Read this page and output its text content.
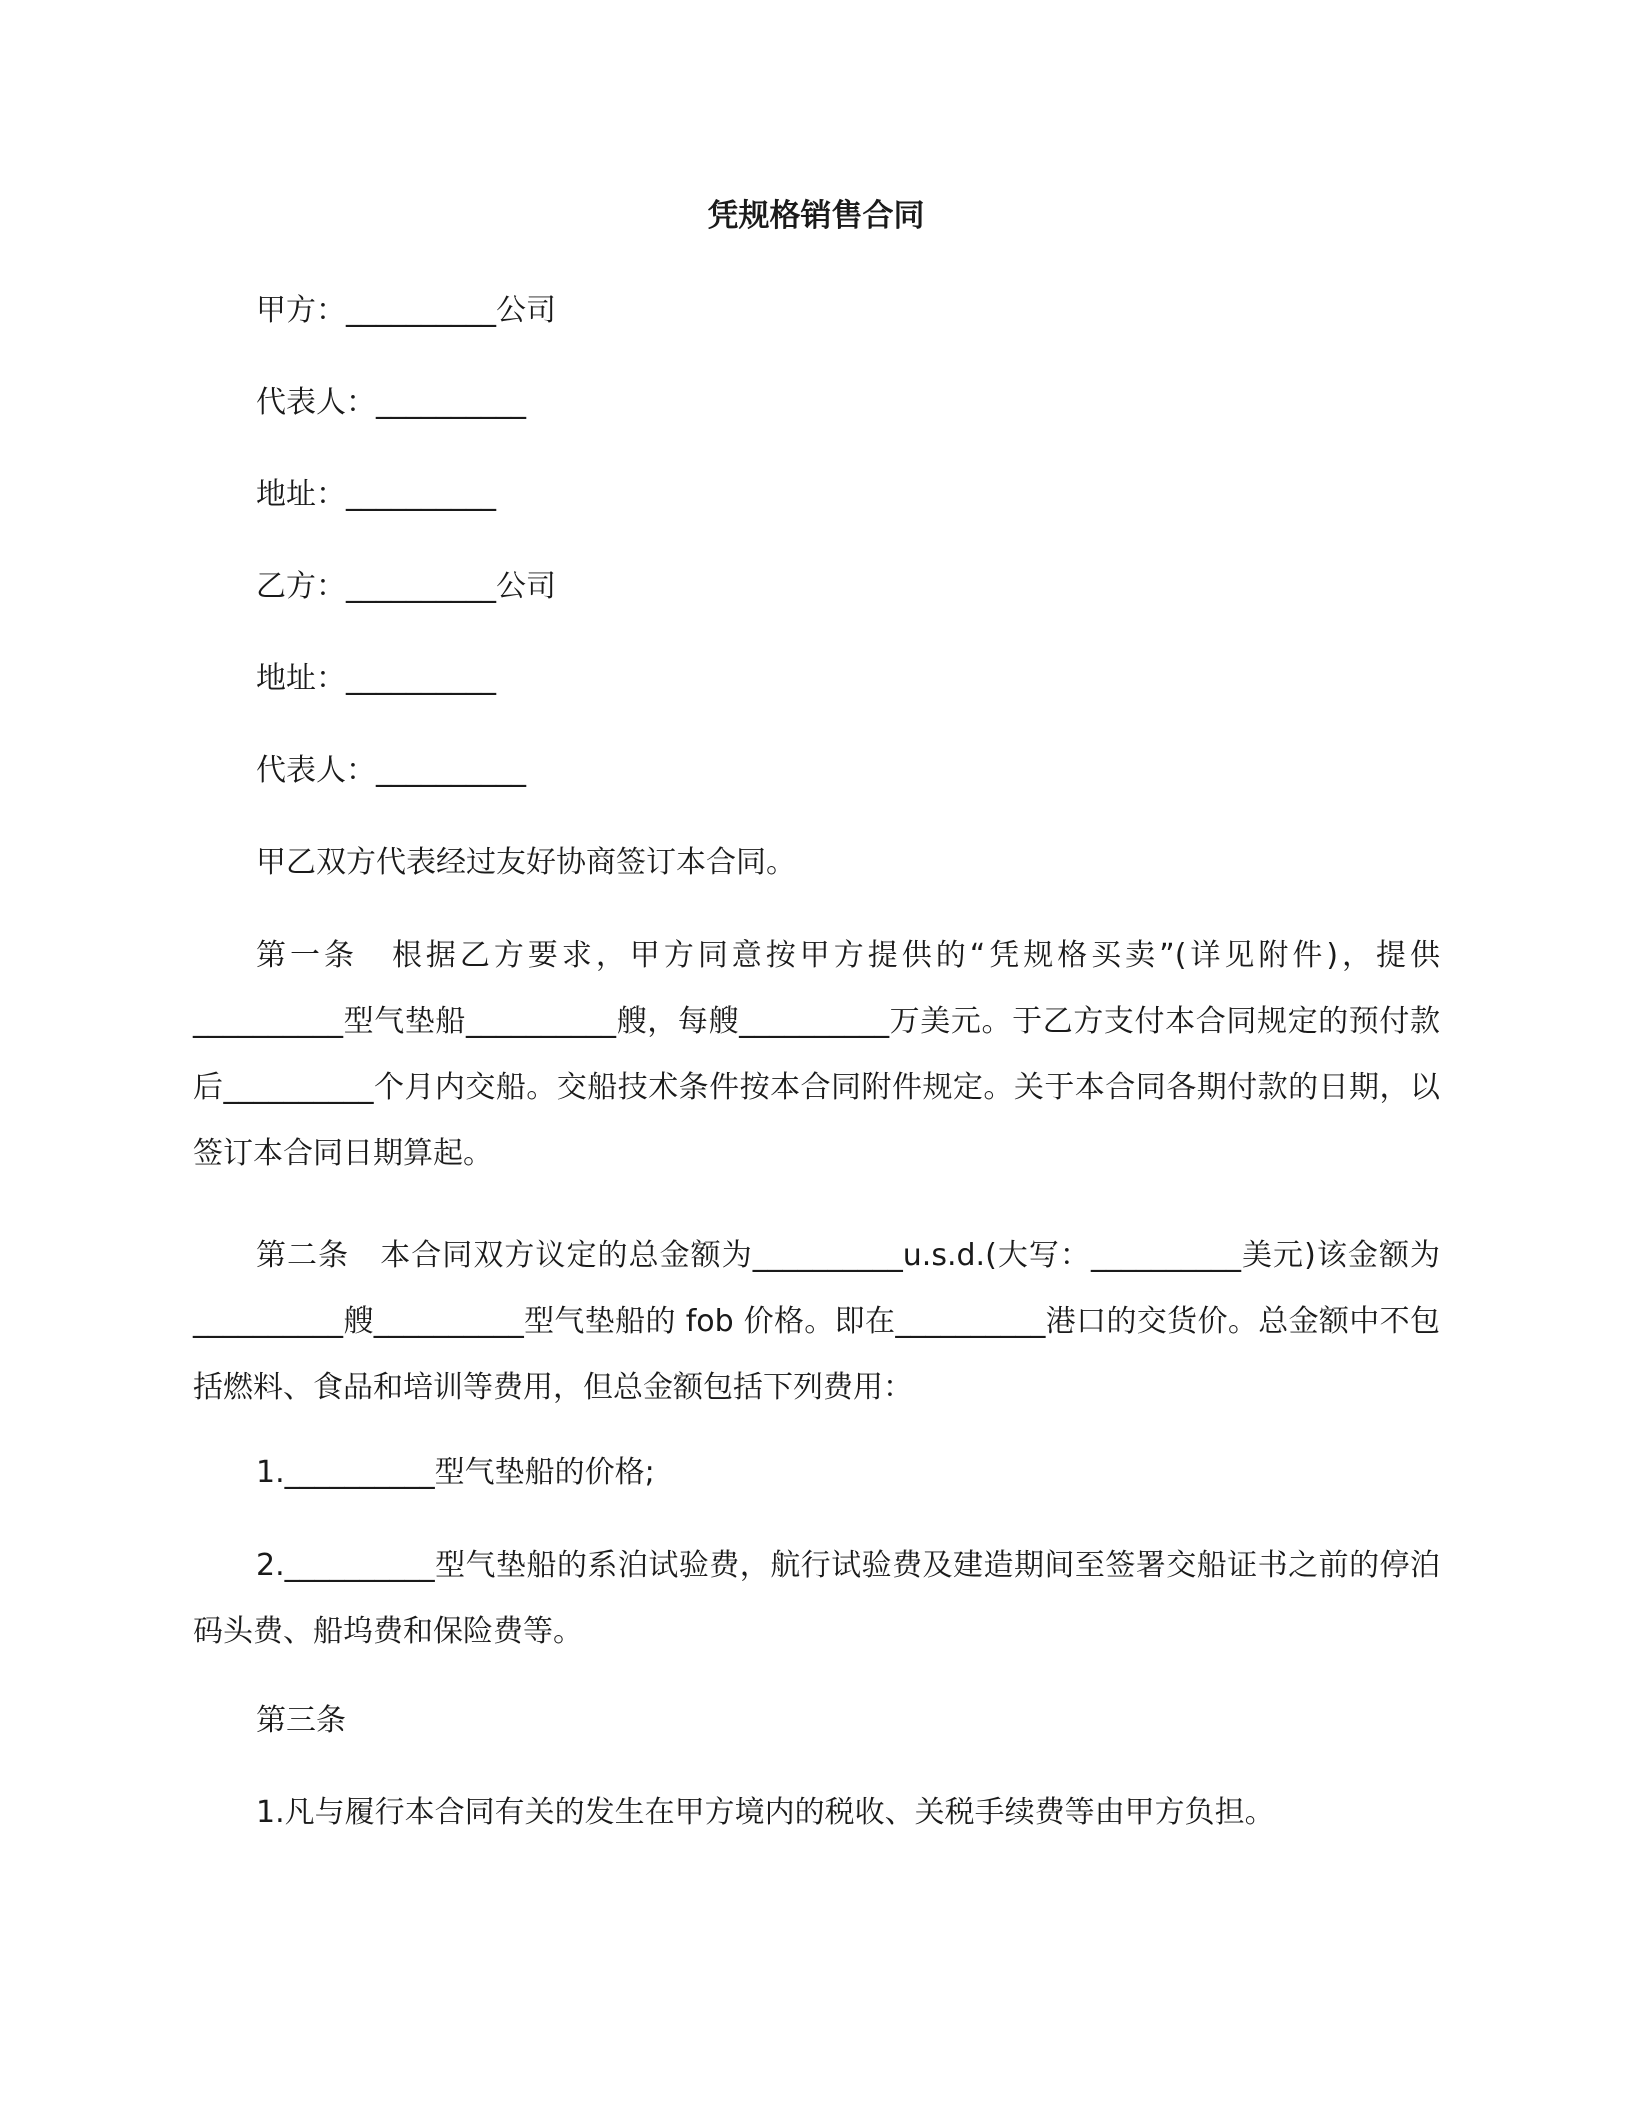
凭规格销售合同

甲方：__________公司

代表人：__________

地址：__________

乙方：__________公司

地址：__________

代表人：__________

甲乙双方代表经过友好协商签订本合同。

第一条　根据乙方要求，甲方同意按甲方提供的“凭规格买卖”(详见附件)，提供__________型气垫船__________艘，每艘__________万美元。于乙方支付本合同规定的预付款后__________个月内交船。交船技术条件按本合同附件规定。关于本合同各期付款的日期，以签订本合同日期算起。

第二条　本合同双方议定的总金额为__________u.s.d.(大写：__________美元)该金额为__________艘__________型气垫船的 fob 价格。即在__________港口的交货价。总金额中不包括燃料、食品和培训等费用，但总金额包括下列费用：

1.__________型气垫船的价格;

2.__________型气垫船的系泊试验费，航行试验费及建造期间至签署交船证书之前的停泊码头费、船坞费和保险费等。

第三条

1.凡与履行本合同有关的发生在甲方境内的税收、关税手续费等由甲方负担。
